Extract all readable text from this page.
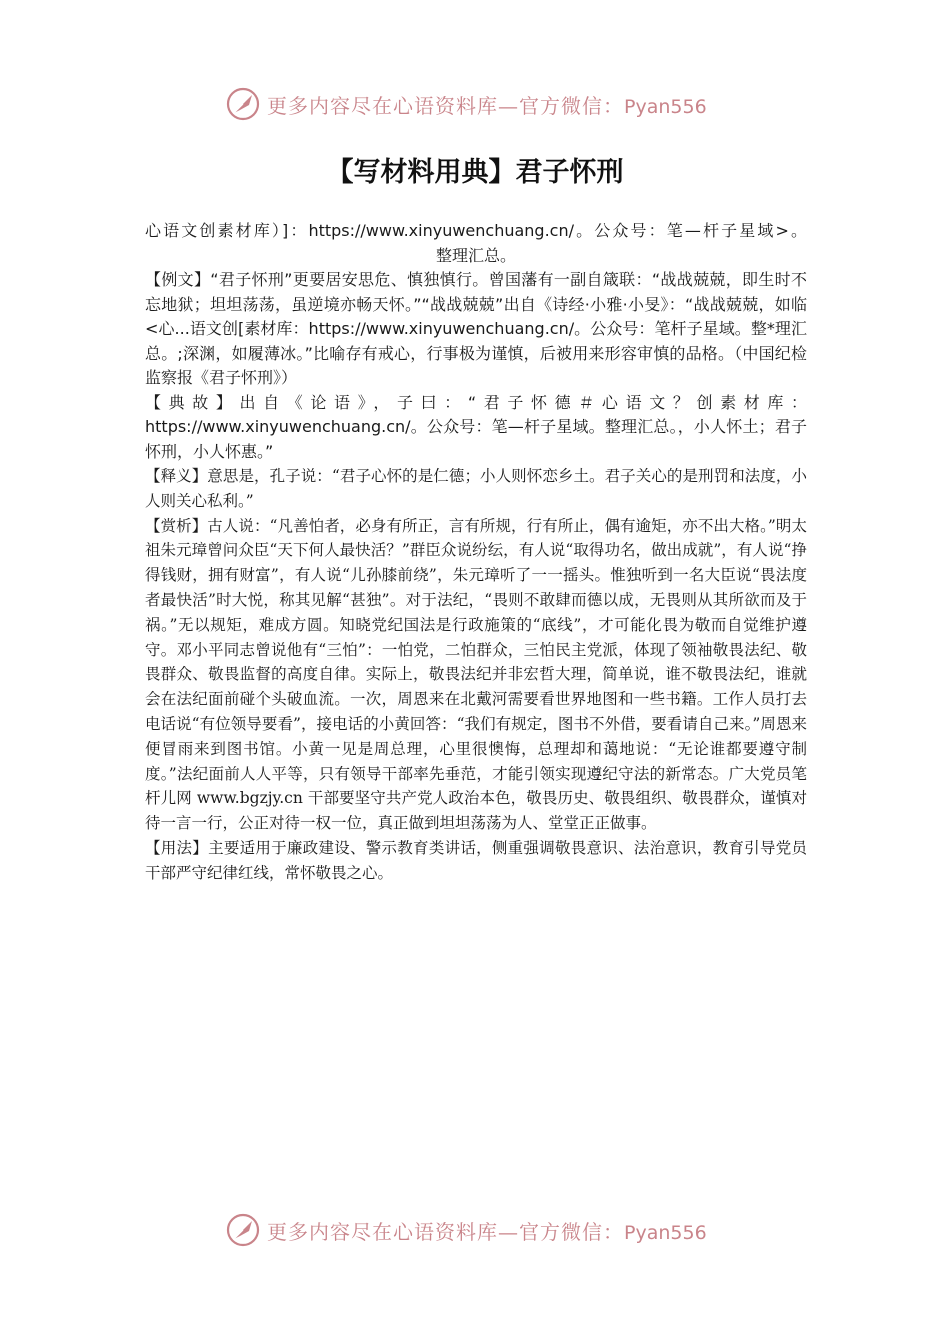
更多内容尽在心语资料库—官方微信：Pyan556
【写材料用典】君子怀刑

心语文创素材库）]：https://www.xinyuwenchuang.cn/。公众号：笔—杆子星域>。

整理汇总。

【例文】“君子怀刑”更要居安思危、慎独慎行。曾国藩有一副自箴联：“战战兢兢，即生时不忘地狱；坦坦荡荡，虽逆境亦畅天怀。”“战战兢兢”出自《诗经·小雅·小旻》：“战战兢兢，如临<心...语文创[素材库：https://www.xinyuwenchuang.cn/。公众号：笔杆子星域。整*理汇总。;深渊，如履薄冰。”比喻存有戒心，行事极为谨慎，后被用来形容审慎的品格。（中国纪检监察报《君子怀刑》）

【典故】出自《论语》，子曰：“君子怀德＃心语文？创素材库：https://www.xinyuwenchuang.cn/。公众号：笔—杆子星域。整理汇总。，小人怀土；君子怀刑，小人怀惠。”

【释义】意思是，孔子说：“君子心怀的是仁德；小人则怀恋乡土。君子关心的是刑罚和法度，小人则关心私利。”

【赏析】古人说：“凡善怕者，必身有所正，言有所规，行有所止，偶有逾矩，亦不出大格。”明太祖朱元璋曾问众臣“天下何人最快活？”群臣众说纷纭，有人说“取得功名，做出成就”，有人说“挣得钱财，拥有财富”，有人说“儿孙膝前绕”，朱元璋听了一一摇头。惟独听到一名大臣说“畏法度者最快活”时大悦，称其见解“甚独”。对于法纪，“畏则不敢肆而德以成，无畏则从其所欲而及于祸。”无以规矩，难成方圆。知晓党纪国法是行政施策的“底线”，才可能化畏为敬而自觉维护遵守。邓小平同志曾说他有“三怕”：一怕党，二怕群众，三怕民主党派，体现了领袖敬畏法纪、敬畏群众、敬畏监督的高度自律。实际上，敬畏法纪并非宏哲大理，简单说，谁不敬畏法纪，谁就会在法纪面前碰个头破血流。一次，周恩来在北戴河需要看世界地图和一些书籍。工作人员打去电话说“有位领导要看”，接电话的小黄回答：“我们有规定，图书不外借，要看请自己来。”周恩来便冒雨来到图书馆。小黄一见是周总理，心里很懊悔，总理却和蔼地说：“无论谁都要遵守制度。”法纪面前人人平等，只有领导干部率先垂范，才能引领实现遵纪守法的新常态。广大党员笔杆儿网 www.bgzjy.cn 干部要坚守共产党人政治本色，敬畏历史、敬畏组织、敬畏群众，谨慎对待一言一行，公正对待一权一位，真正做到坦坦荡荡为人、堂堂正正做事。

【用法】主要适用于廉政建设、警示教育类讲话，侧重强调敬畏意识、法治意识，教育引导党员干部严守纪律红线，常怀敬畏之心。

更多内容尽在心语资料库—官方微信：Pyan556
